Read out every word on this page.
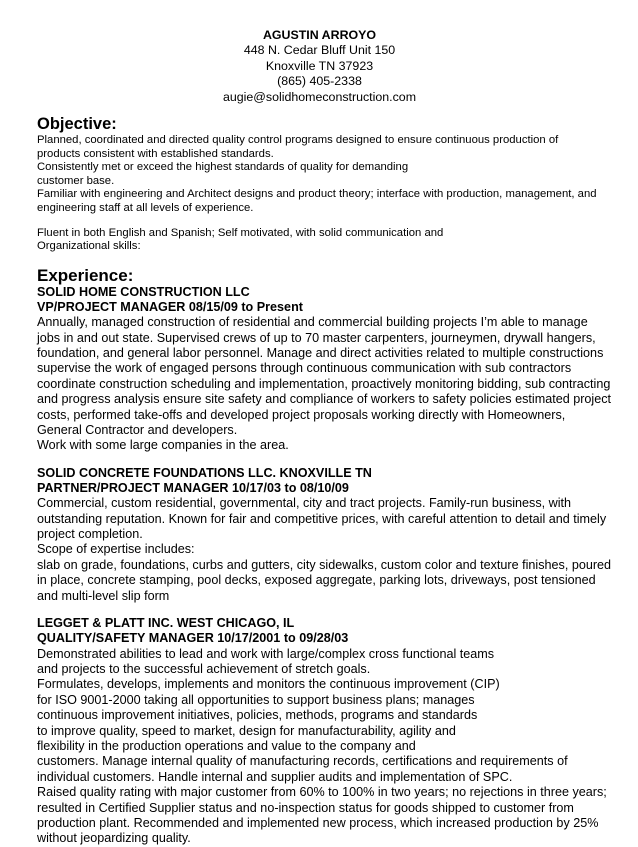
AGUSTIN ARROYO
448 N. Cedar Bluff Unit 150
Knoxville TN 37923
(865) 405-2338
augie@solidhomeconstruction.com
Objective:
Planned, coordinated and directed quality control programs designed to ensure continuous production of
products consistent with established standards.
Consistently met or exceed the highest standards of quality for demanding
customer base.
Familiar with engineering and Architect designs and product theory; interface with production, management, and
engineering staff at all levels of experience.
Fluent in both English and Spanish; Self motivated, with solid communication and
Organizational skills:
Experience:
SOLID HOME CONSTRUCTION LLC
VP/PROJECT MANAGER 08/15/09 to Present
Annually, managed construction of residential and commercial building projects I’m able to manage
jobs in and out state. Supervised crews of up to 70 master carpenters, journeymen, drywall hangers,
foundation, and general labor personnel. Manage and direct activities related to multiple constructions
supervise the work of engaged persons through continuous communication with sub contractors
coordinate construction scheduling and implementation, proactively monitoring bidding, sub contracting
and progress analysis ensure site safety and compliance of workers to safety policies estimated project
costs, performed take-offs and developed project proposals working directly with Homeowners,
General Contractor and developers.
Work with some large companies in the area.
SOLID CONCRETE FOUNDATIONS LLC. KNOXVILLE TN
PARTNER/PROJECT MANAGER 10/17/03 to 08/10/09
Commercial, custom residential, governmental, city and tract projects. Family-run business, with
outstanding reputation. Known for fair and competitive prices, with careful attention to detail and timely
project completion.
Scope of expertise includes:
slab on grade, foundations, curbs and gutters, city sidewalks, custom color and texture finishes, poured
in place, concrete stamping, pool decks, exposed aggregate, parking lots, driveways, post tensioned
and multi-level slip form
LEGGET & PLATT INC. WEST CHICAGO, IL
QUALITY/SAFETY MANAGER 10/17/2001 to 09/28/03
Demonstrated abilities to lead and work with large/complex cross functional teams
and projects to the successful achievement of stretch goals.
Formulates, develops, implements and monitors the continuous improvement (CIP)
for ISO 9001-2000 taking all opportunities to support business plans; manages
continuous improvement initiatives, policies, methods, programs and standards
to improve quality, speed to market, design for manufacturability, agility and
flexibility in the production operations and value to the company and
customers. Manage internal quality of manufacturing records, certifications and requirements of
individual customers. Handle internal and supplier audits and implementation of SPC.
Raised quality rating with major customer from 60% to 100% in two years; no rejections in three years;
resulted in Certified Supplier status and no-inspection status for goods shipped to customer from
production plant. Recommended and implemented new process, which increased production by 25%
without jeopardizing quality.
